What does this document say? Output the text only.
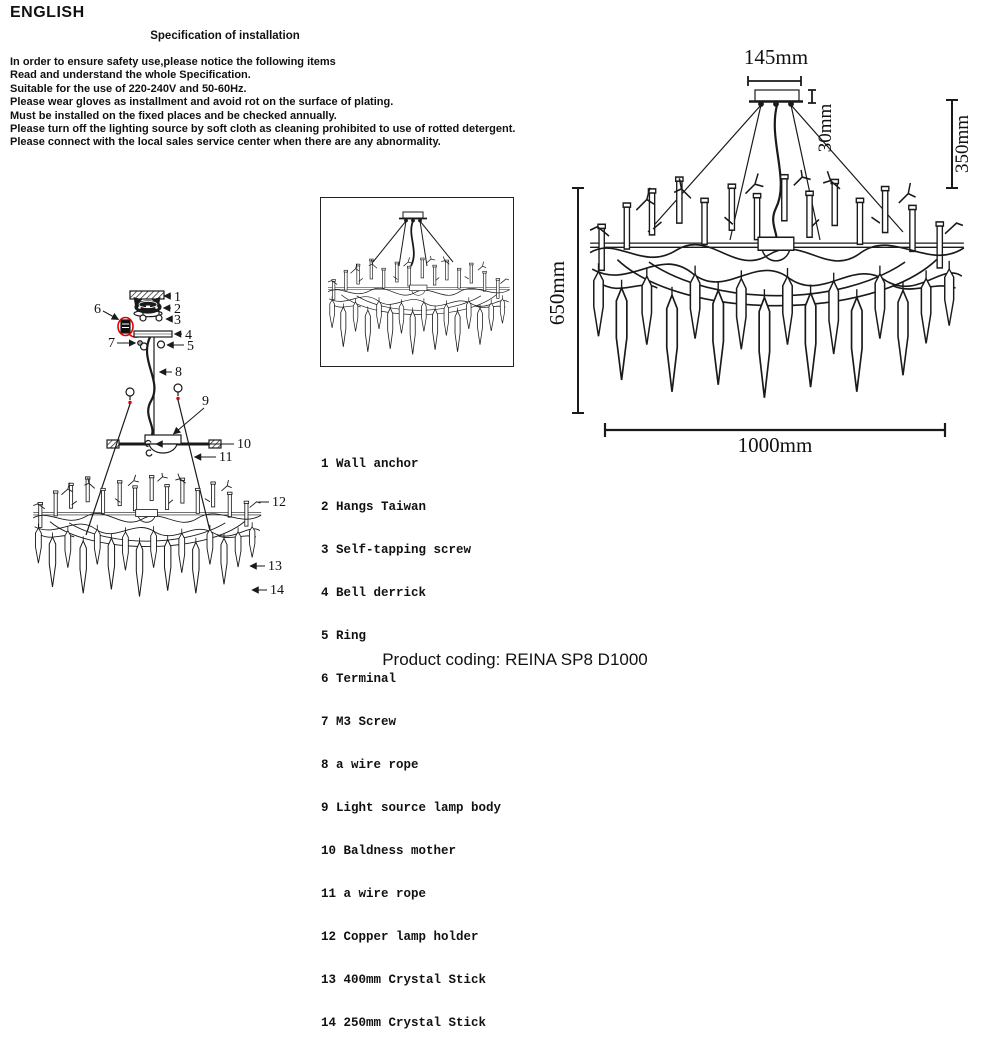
ENGLISH
Specification of installation
In order to ensure safety use,please notice the following items
Read and understand the whole Specification.
Suitable for the use of 220-240V and 50-60Hz.
Please wear gloves as installment and avoid rot on the surface of plating.
Must be installed on the fixed places and be checked annually.
Please turn off the lighting source by soft cloth as cleaning prohibited to use of rotted detergent.
Please connect with the local sales service center when there are any abnormality.
1
2
3
4
5
6
7
8
9
10
11
12
13
14
145mm
30mm	350mm
650mm
1000mm

1 Wall anchor

2 Hangs Taiwan

3 Self-tapping screw

4 Bell derrick

5 Ring

6 Terminal

7 M3 Screw

8 a wire rope

9 Light source lamp body

10 Baldness mother

11 a wire rope

12 Copper lamp holder

13 400mm Crystal Stick

14 250mm Crystal Stick

Product coding: REINA SP8 D1000
